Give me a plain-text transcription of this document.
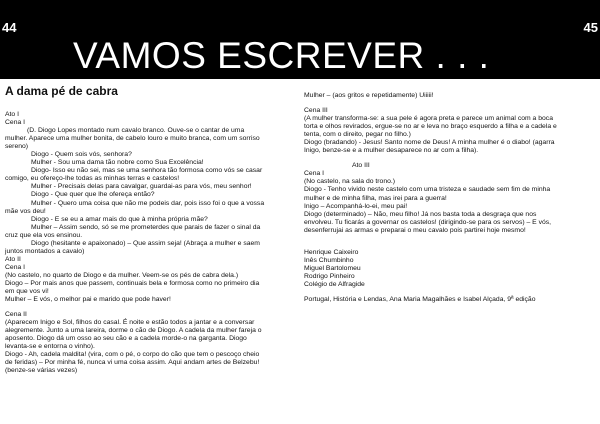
44
VAMOS ESCREVER . . .
45
A dama pé de cabra
Ato I
Cena I
(D. Diogo Lopes montado num cavalo branco. Ouve-se o cantar de uma
mulher. Aparece uma mulher bonita, de cabelo louro e muito branca, com um sorriso
sereno)
Diogo - Quem sois vós, senhora?
Mulher - Sou uma dama tão nobre como Sua Excelência!
Diogo- Isso eu não sei, mas se uma senhora tão formosa como vós se casar
comigo, eu ofereço-lhe todas as minhas terras e castelos!
Mulher - Precisais delas para cavalgar, guardai-as para vós, meu senhor!
Diogo - Que quer que lhe ofereça então?
Mulher - Quero uma coisa que não me podeis dar, pois isso foi o que a vossa
mãe vos deu!
Diogo - E se eu a amar mais do que à minha própria mãe?
Mulher – Assim sendo, só se me prometerdes que parais de fazer o sinal da
cruz que ela vos ensinou.
Diogo (hesitante e apaixonado) – Que assim seja! (Abraça a mulher e saem
juntos montados a cavalo)
Ato II
Cena I
(No castelo, no quarto de Diogo e da mulher. Veem-se os pés de cabra dela.)
Diogo – Por mais anos que passem, continuais bela e formosa como no primeiro dia
em que vos vi!
Mulher – E vós, o melhor pai e marido que pode haver!
Cena II
(Aparecem Inigo e Sol, filhos do casal. É noite e estão todos a jantar e a conversar
alegremente. Junto a uma lareira, dorme o cão de Diogo. A cadela da mulher fareja o
aposento. Diogo dá um osso ao seu cão e a cadela morde-o na garganta. Diogo
levanta-se e entorna o vinho).
Diogo - Ah, cadela maldita! (vira, com o pé, o corpo do cão que tem o pescoço cheio
de feridas) – Por minha fé, nunca vi uma coisa assim. Aqui andam artes de Belzebu!
(benze-se várias vezes)
Mulher – (aos gritos e repetidamente) Uiiiii!
Cena III
(A mulher transforma-se: a sua pele é agora preta e parece um animal com a boca
torta e olhos revirados, ergue-se no ar e leva no braço esquerdo a filha e a cadela e
tenta, com o direito, pegar no filho.)
Diogo (bradando) - Jesus! Santo nome de Deus! A minha mulher é o diabo! (agarra
Inigo, benze-se e a mulher desaparece no ar com a filha).
Ato III
Cena I
(No castelo, na sala do trono.)
Diogo - Tenho vivido neste castelo com uma tristeza e saudade sem fim de minha
mulher e de minha filha, mas irei para a guerra!
Inigo – Acompanhá-lo-ei, meu pai!
Diogo (determinado) – Não, meu filho! Já nos basta toda a desgraça que nos
envolveu. Tu ficarás a governar os castelos! (dirigindo-se para os servos) – E vós,
desenferrujai as armas e preparai o meu cavalo pois partirei hoje mesmo!
Henrique Caixeiro
Inês Chumbinho
Miguel Bartolomeu
Rodrigo Pinheiro
Colégio de Alfragide
Portugal, História e Lendas, Ana Maria Magalhães e Isabel Alçada, 9ª edição
